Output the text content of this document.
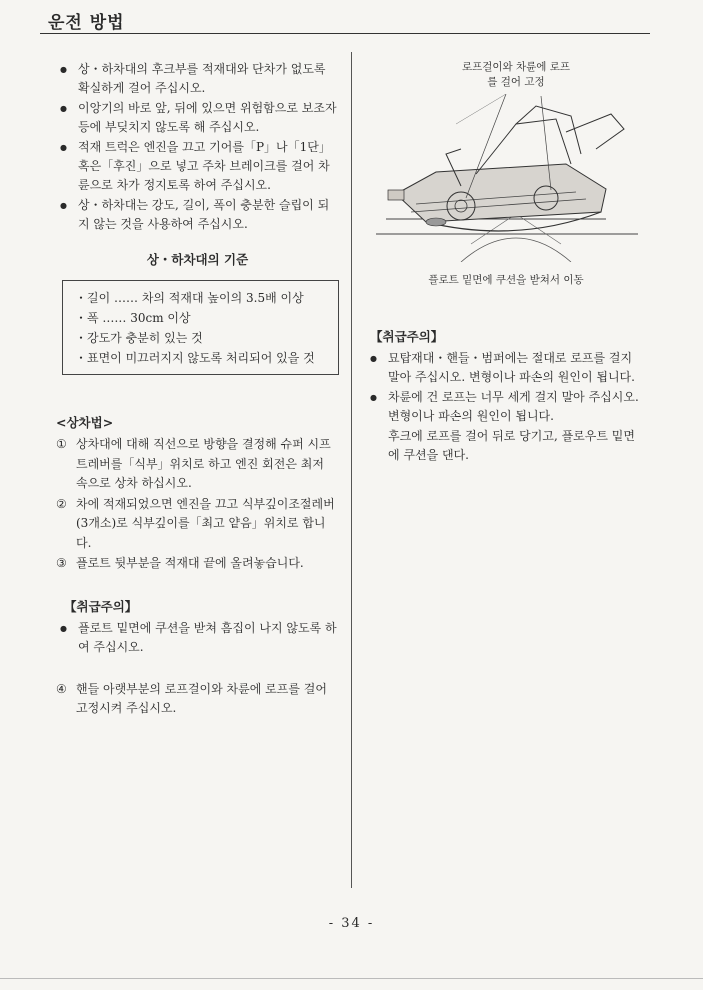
운전 방법
● 상・하차대의 후크부를 적재대와 단차가 없도록 확실하게 걸어 주십시오.
● 이앙기의 바로 앞, 뒤에 있으면 위험함으로 보조자 등에 부딪치지 않도록 해 주십시오.
● 적재 트럭은 엔진을 끄고 기어를「P」나「1단」혹은「후진」으로 넣고 주차 브레이크를 걸어 차륜으로 차가 정지토록 하여 주십시오.
● 상・하차대는 강도, 길이, 폭이 충분한 슬립이 되지 않는 것을 사용하여 주십시오.
상・하차대의 기준
・길이 …… 차의 적재대 높이의 3.5배 이상
・폭 …… 30cm 이상
・강도가 충분히 있는 것
・표면이 미끄러지지 않도록 처리되어 있을 것
<상차법>
① 상차대에 대해 직선으로 방향을 결정해 슈퍼 시프트레버를「식부」위치로 하고 엔진 회전은 최저 속으로 상차 하십시오.
② 차에 적재되었으면 엔진을 끄고 식부깊이조절레버(3개소)로 식부깊이를「최고 얕음」위치로 합니다.
③ 플로트 뒷부분을 적재대 끝에 올려놓습니다.
【취급주의】
● 플로트 밑면에 쿠션을 받쳐 흠집이 나지 않도록 하여 주십시오.
④ 핸들 아랫부분의 로프걸이와 차륜에 로프를 걸어 고정시켜 주십시오.
로프걸이와 차륜에 로프
를 걸어 고정
플로트 밑면에 쿠션을 받쳐서 이동
【취급주의】
● 묘탑재대・핸들・범퍼에는 절대로 로프를 걸지 말아 주십시오. 변형이나 파손의 원인이 됩니다.
● 차륜에 건 로프는 너무 세게 걸지 말아 주십시오. 변형이나 파손의 원인이 됩니다.
후크에 로프를 걸어 뒤로 당기고, 플로우트 밑면에 쿠션을 댄다.
- 34 -
